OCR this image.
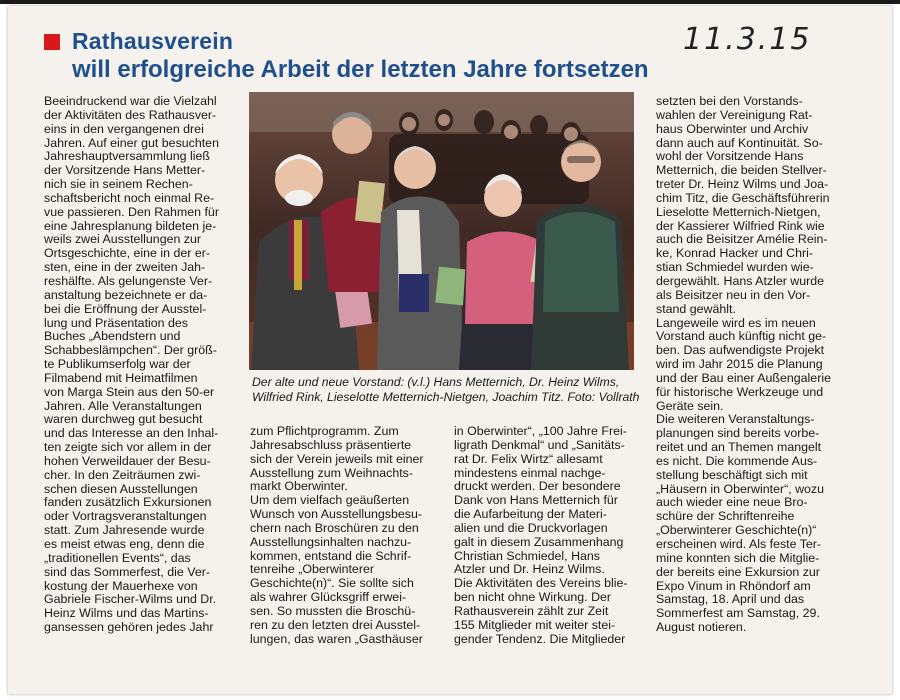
Rathausverein
will erfolgreiche Arbeit der letzten Jahre fortsetzen
11.3.15
Beeindruckend war die Vielzahl
der Aktivitäten des Rathausver-
eins in den vergangenen drei
Jahren. Auf einer gut besuchten
Jahreshauptversammlung ließ
der Vorsitzende Hans Metter-
nich sie in seinem Rechen-
schaftsbericht noch einmal Re-
vue passieren. Den Rahmen für
eine Jahresplanung bildeten je-
weils zwei Ausstellungen zur
Ortsgeschichte, eine in der er-
sten, eine in der zweiten Jah-
reshälfte. Als gelungenste Ver-
anstaltung bezeichnete er da-
bei die Eröffnung der Ausstel-
lung und Präsentation des
Buches „Abendstern und
Schabbeslämpchen“. Der größ-
te Publikumserfolg war der
Filmabend mit Heimatfilmen
von Marga Stein aus den 50-er
Jahren. Alle Veranstaltungen
waren durchweg gut besucht
und das Interesse an den Inhal-
ten zeigte sich vor allem in der
hohen Verweildauer der Besu-
cher. In den Zeiträumen zwi-
schen diesen Ausstellungen
fanden zusätzlich Exkursionen
oder Vortragsveranstaltungen
statt. Zum Jahresende wurde
es meist etwas eng, denn die
„traditionellen Events“, das
sind das Sommerfest, die Ver-
kostung der Mauerhexe von
Gabriele Fischer-Wilms und Dr.
Heinz Wilms und das Martins-
gansessen gehören jedes Jahr
Der alte und neue Vorstand: (v.l.) Hans Metternich, Dr. Heinz Wilms,
Wilfried Rink, Lieselotte Metternich-Nietgen, Joachim Titz. Foto: Vollrath
zum Pflichtprogramm. Zum
Jahresabschluss präsentierte
sich der Verein jeweils mit einer
Ausstellung zum Weihnachts-
markt Oberwinter.
Um dem vielfach geäußerten
Wunsch von Ausstellungsbesu-
chern nach Broschüren zu den
Ausstellungsinhalten nachzu-
kommen, entstand die Schrif-
tenreihe „Oberwinterer
Geschichte(n)“. Sie sollte sich
als wahrer Glücksgriff erwei-
sen. So mussten die Broschü-
ren zu den letzten drei Ausstel-
lungen, das waren „Gasthäuser
in Oberwinter“, „100 Jahre Frei-
ligrath Denkmal“ und „Sanitäts-
rat Dr. Felix Wirtz“ allesamt
mindestens einmal nachge-
druckt werden. Der besondere
Dank von Hans Metternich für
die Aufarbeitung der Materi-
alien und die Druckvorlagen
galt in diesem Zusammenhang
Christian Schmiedel, Hans
Atzler und Dr. Heinz Wilms.
Die Aktivitäten des Vereins blie-
ben nicht ohne Wirkung. Der
Rathausverein zählt zur Zeit
155 Mitglieder mit weiter stei-
gender Tendenz. Die Mitglieder
setzten bei den Vorstands-
wahlen der Vereinigung Rat-
haus Oberwinter und Archiv
dann auch auf Kontinuität. So-
wohl der Vorsitzende Hans
Metternich, die beiden Stellver-
treter Dr. Heinz Wilms und Joa-
chim Titz, die Geschäftsführerin
Lieselotte Metternich-Nietgen,
der Kassierer Wilfried Rink wie
auch die Beisitzer Amélie Rein-
ke, Konrad Hacker und Chri-
stian Schmiedel wurden wie-
dergewählt. Hans Atzler wurde
als Beisitzer neu in den Vor-
stand gewählt.
Langeweile wird es im neuen
Vorstand auch künftig nicht ge-
ben. Das aufwendigste Projekt
wird im Jahr 2015 die Planung
und der Bau einer Außengalerie
für historische Werkzeuge und
Geräte sein.
Die weiteren Veranstaltungs-
planungen sind bereits vorbe-
reitet und an Themen mangelt
es nicht. Die kommende Aus-
stellung beschäftigt sich mit
„Häusern in Oberwinter“, wozu
auch wieder eine neue Bro-
schüre der Schriftenreihe
„Oberwinterer Geschichte(n)“
erscheinen wird. Als feste Ter-
mine konnten sich die Mitglie-
der bereits eine Exkursion zur
Expo Vinum in Rhöndorf am
Samstag, 18. April und das
Sommerfest am Samstag, 29.
August notieren.
